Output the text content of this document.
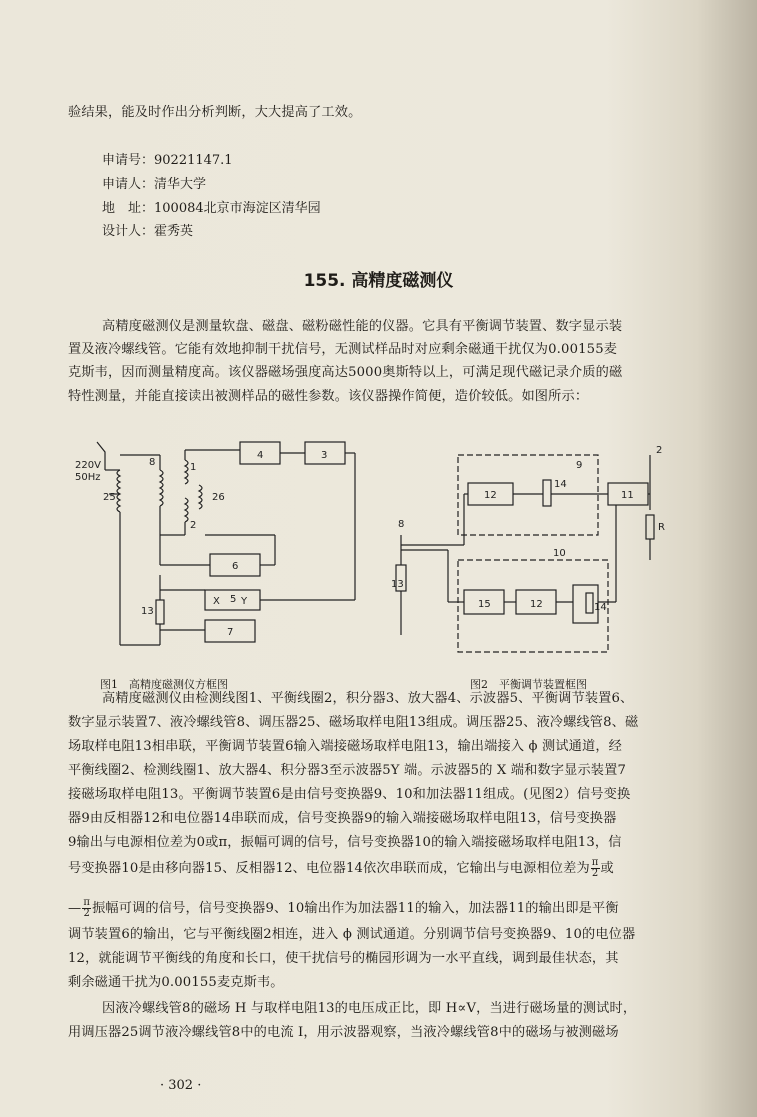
验结果，能及时作出分析判断，大大提高了工效。
申请号：90221147.1
申请人：清华大学
地　址：100084北京市海淀区清华园
设计人：霍秀英
155. 高精度磁测仪
高精度磁测仪是测量软盘、磁盘、磁粉磁性能的仪器。它具有平衡调节装置、数字显示装
置及液冷螺线管。它能有效地抑制干扰信号，无测试样品时对应剩余磁通干扰仅为0.00155麦
克斯韦，因而测量精度高。该仪器磁场强度高达5000奥斯特以上，可满足现代磁记录介质的磁
特性测量，并能直接读出被测样品的磁性参数。该仪器操作简便，造价较低。如图所示：
220V
50Hz
1
2
3
4
5
6
7
8
13
25	26
X Y
图1　高精度磁测仪方框图
2
8
9
10
11
12
12
13
14
14
15
R
图2　平衡调节装置框图
高精度磁测仪由检测线图1、平衡线圈2，积分器3、放大器4、示波器5、平衡调节装置6、
数字显示装置7、液冷螺线管8、调压器25、磁场取样电阻13组成。调压器25、液冷螺线管8、磁
场取样电阻13相串联，平衡调节装置6输入端接磁场取样电阻13，输出端接入 ϕ 测试通道，经
平衡线圈2、检测线圈1、放大器4、积分器3至示波器5Y 端。示波器5的 X 端和数字显示装置7
接磁场取样电阻13。平衡调节装置6是由信号变换器9、10和加法器11组成。(见图2）信号变换
器9由反相器12和电位器14串联而成，信号变换器9的输入端接磁场取样电阻13，信号变换器
9输出与电源相位差为0或π，振幅可调的信号，信号变换器10的输入端接磁场取样电阻13，信
号变换器10是由移向器15、反相器12、电位器14依次串联而成，它输出与电源相位差为 $\frac{\pi}{2}$ 或
— $\frac{\pi}{2}$ 振幅可调的信号，信号变换器9、10输出作为加法器11的输入，加法器11的输出即是平衡
调节装置6的输出，它与平衡线圈2相连，进入 ϕ 测试通道。分别调节信号变换器9、10的电位器
12，就能调节平衡线的角度和长口，使干扰信号的椭园形调为一水平直线，调到最佳状态，其
剩余磁通干扰为0.00155麦克斯韦。
因液冷螺线管8的磁场 H 与取样电阻13的电压成正比，即 H∝V，当进行磁场量的测试时，
用调压器25调节液冷螺线管8中的电流 I，用示波器观察，当液冷螺线管8中的磁场与被测磁场
· 302 ·
